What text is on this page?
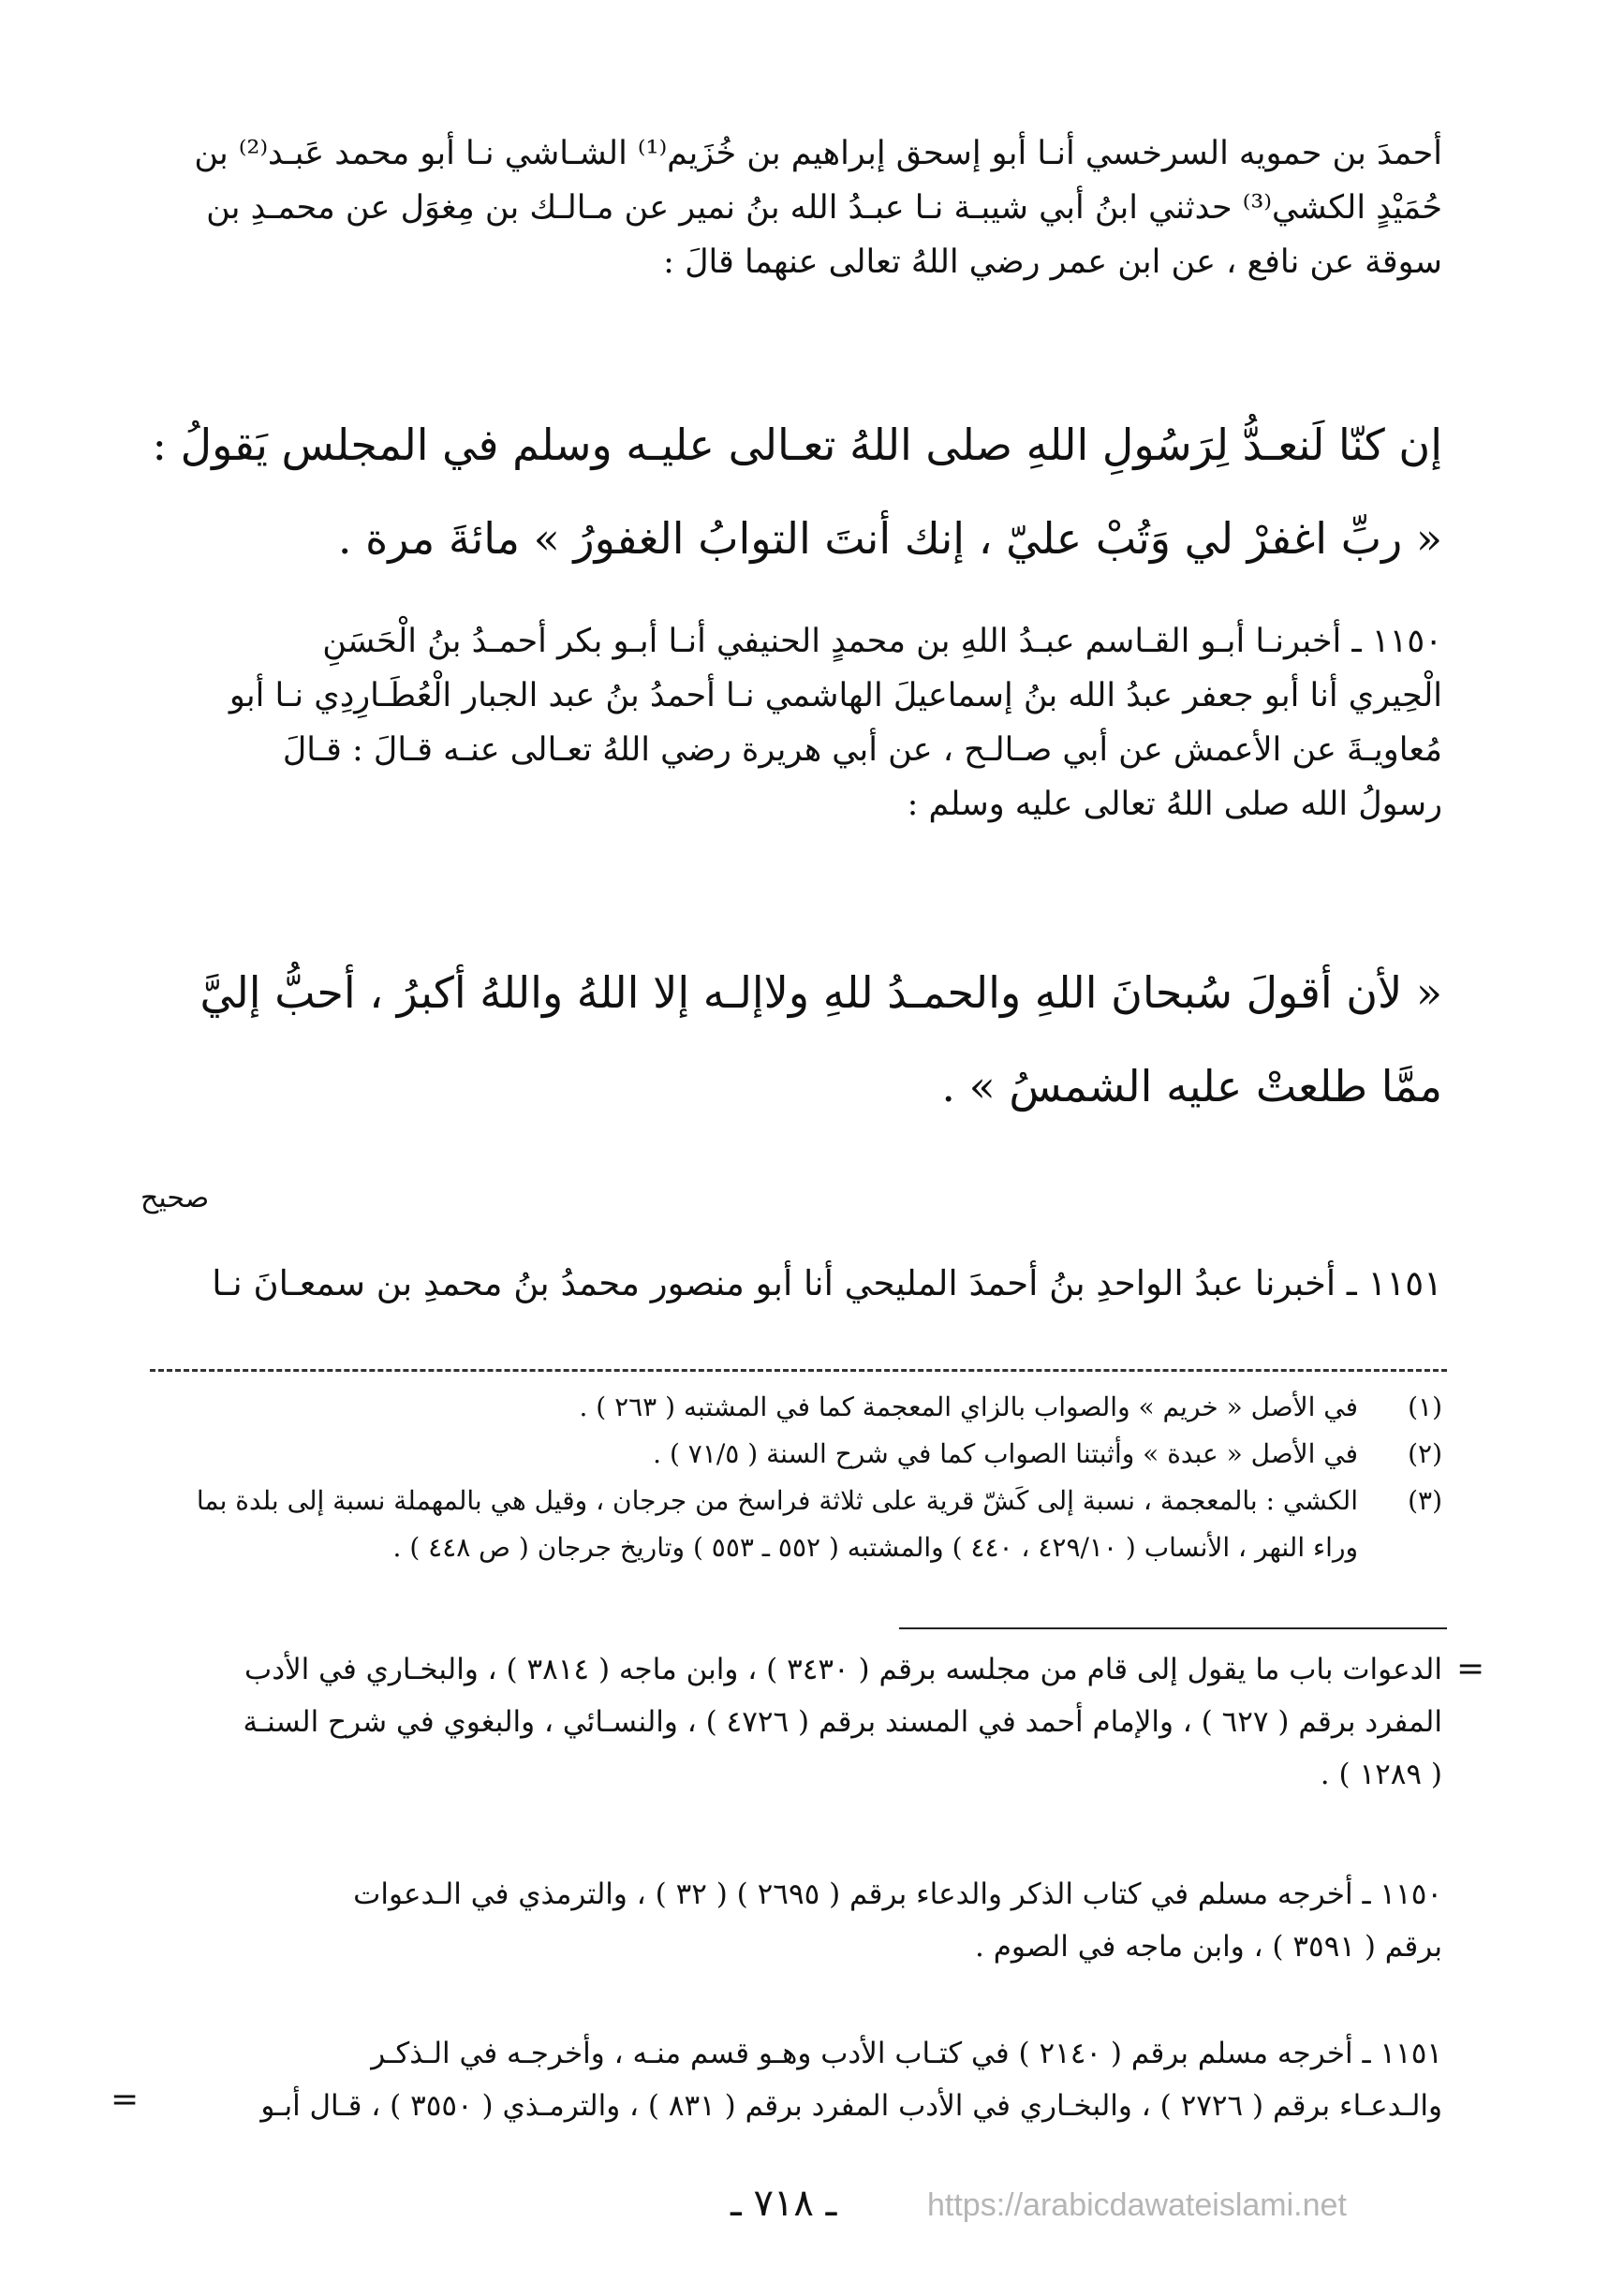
أحمدَ بن حمويه السرخسي أنـا أبو إسحق إبراهيم بن خُزَيم⁽¹⁾ الشـاشي نـا أبو محمد عَبـد⁽²⁾ بن
حُمَيْدٍ الكشي⁽³⁾ حدثني ابنُ أبي شيبـة نـا عبـدُ الله بنُ نمير عن مـالـك بن مِغوَل عن محمـدِ بن
سوقة عن نافع ، عن ابن عمر رضي اللهُ تعالى عنهما قالَ :
إن كنّا لَنعـدُّ لِرَسُولِ اللهِ صلى اللهُ تعـالى عليـه وسلم في المجلس يَقولُ :
« ربِّ اغفرْ لي وَتُبْ عليّ ، إنك أنتَ التوابُ الغفورُ » مائةَ مرة .
١١٥٠ ـ أخبرنـا أبـو القـاسم عبـدُ اللهِ بن محمدٍ الحنيفي أنـا أبـو بكر أحمـدُ بنُ الْحَسَنِ
الْحِيري أنا أبو جعفر عبدُ الله بنُ إسماعيلَ الهاشمي نـا أحمدُ بنُ عبد الجبار الْعُطَـارِدِي نـا أبو
مُعاويـةَ عن الأعمش عن أبي صـالـح ، عن أبي هريرة رضي اللهُ تعـالى عنـه قـالَ : قـالَ
رسولُ الله صلى اللهُ تعالى عليه وسلم :
« لأن أقولَ سُبحانَ اللهِ والحمـدُ للهِ ولاإلـه إلا اللهُ واللهُ أكبرُ ، أحبُّ إليَّ
ممَّا طلعتْ عليه الشمسُ » .
صحيح
١١٥١ ـ أخبرنا عبدُ الواحدِ بنُ أحمدَ المليحي أنا أبو منصور محمدُ بنُ محمدِ بن سمعـانَ نـا
(١)
في الأصل « خريم » والصواب بالزاي المعجمة كما في المشتبه ( ٢٦٣ ) .
(٢)
في الأصل « عبدة » وأثبتنا الصواب كما في شرح السنة ( ٧١/٥ ) .
(٣)
الكشي : بالمعجمة ، نسبة إلى كَشّ قرية على ثلاثة فراسخ من جرجان ، وقيل هي بالمهملة نسبة إلى بلدة بما
وراء النهر ، الأنساب ( ٤٢٩/١٠ ، ٤٤٠ ) والمشتبه ( ٥٥٢ ـ ٥٥٣ ) وتاريخ جرجان ( ص ٤٤٨ ) .
=
الدعوات باب ما يقول إلى قام من مجلسه برقم ( ٣٤٣٠ ) ، وابن ماجه ( ٣٨١٤ ) ، والبخـاري في الأدب
المفرد برقم ( ٦٢٧ ) ، والإمام أحمد في المسند برقم ( ٤٧٢٦ ) ، والنسـائي ، والبغوي في شرح السنـة
( ١٢٨٩ ) .
١١٥٠ ـ أخرجه مسلم في كتاب الذكر والدعاء برقم ( ٢٦٩٥ ) ( ٣٢ ) ، والترمذي في الـدعوات
برقم ( ٣٥٩١ ) ، وابن ماجه في الصوم .
١١٥١ ـ أخرجه مسلم برقم ( ٢١٤٠ ) في كتـاب الأدب وهـو قسم منـه ، وأخرجـه في الـذكـر
والـدعـاء برقم ( ٢٧٢٦ ) ، والبخـاري في الأدب المفرد برقم ( ٨٣١ ) ، والترمـذي ( ٣٥٥٠ ) ، قـال أبـو
=
ـ ٧١٨ ـ	https://arabicdawateislami.net
